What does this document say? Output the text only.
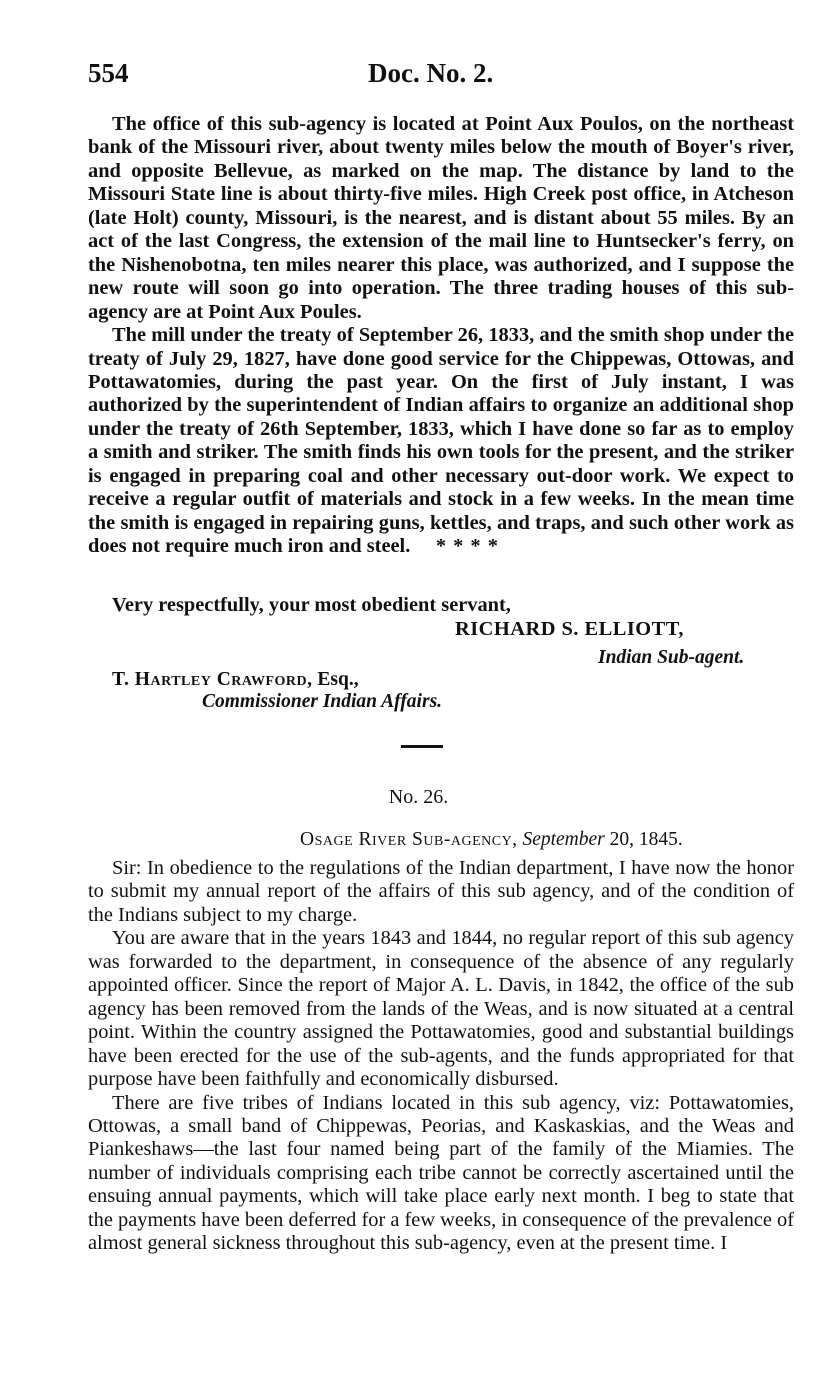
554	Doc. No. 2.

The office of this sub-agency is located at Point Aux Poulos, on the northeast bank of the Missouri river, about twenty miles below the mouth of Boyer's river, and opposite Bellevue, as marked on the map. The distance by land to the Missouri State line is about thirty-five miles. High Creek post office, in Atcheson (late Holt) county, Missouri, is the nearest, and is distant about 55 miles. By an act of the last Congress, the extension of the mail line to Huntsecker's ferry, on the Nishenobotna, ten miles nearer this place, was authorized, and I suppose the new route will soon go into operation. The three trading houses of this sub-agency are at Point Aux Poules.

The mill under the treaty of September 26, 1833, and the smith shop under the treaty of July 29, 1827, have done good service for the Chippewas, Ottowas, and Pottawatomies, during the past year. On the first of July instant, I was authorized by the superintendent of Indian affairs to organize an additional shop under the treaty of 26th September, 1833, which I have done so far as to employ a smith and striker. The smith finds his own tools for the present, and the striker is engaged in preparing coal and other necessary out-door work. We expect to receive a regular outfit of materials and stock in a few weeks. In the mean time the smith is engaged in repairing guns, kettles, and traps, and such other work as does not require much iron and steel. * * * *

Very respectfully, your most obedient servant,
RICHARD S. ELLIOTT,
Indian Sub-agent.
T. Hartley Crawford, Esq.,
Commissioner Indian Affairs.
No. 26.
Osage River Sub-agency, September 20, 1845.

Sir: In obedience to the regulations of the Indian department, I have now the honor to submit my annual report of the affairs of this sub agency, and of the condition of the Indians subject to my charge.

You are aware that in the years 1843 and 1844, no regular report of this sub agency was forwarded to the department, in consequence of the absence of any regularly appointed officer. Since the report of Major A. L. Davis, in 1842, the office of the sub agency has been removed from the lands of the Weas, and is now situated at a central point. Within the country assigned the Pottawatomies, good and substantial buildings have been erected for the use of the sub-agents, and the funds appropriated for that purpose have been faithfully and economically disbursed.

There are five tribes of Indians located in this sub agency, viz: Pottawatomies, Ottowas, a small band of Chippewas, Peorias, and Kaskaskias, and the Weas and Piankeshaws—the last four named being part of the family of the Miamies. The number of individuals comprising each tribe cannot be correctly ascertained until the ensuing annual payments, which will take place early next month. I beg to state that the payments have been deferred for a few weeks, in consequence of the prevalence of almost general sickness throughout this sub-agency, even at the present time. I
